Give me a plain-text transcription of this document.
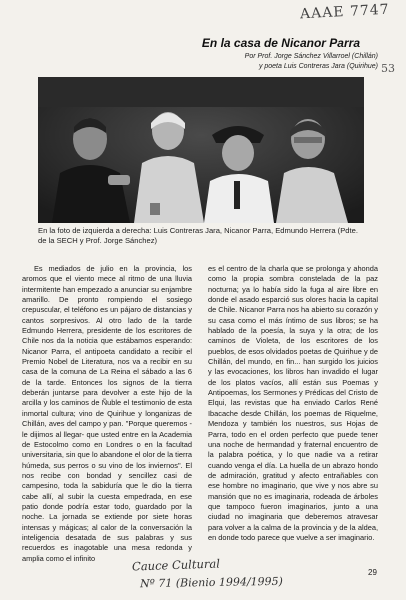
AAAE 7747
53
En la casa de Nicanor Parra
Por Prof. Jorge Sánchez Villarroel (Chillán)
y poeta Luis Contreras Jara (Quirihue)
En la foto de izquierda a derecha: Luis Contreras Jara, Nicanor Parra, Edmundo Herrera (Pdte. de la SECH y Prof. Jorge Sánchez)

Es mediados de julio en la provincia, los aromos que el viento mece al ritmo de una lluvia intermitente han empezado a anunciar su enjambre amarillo. De pronto rompiendo el sosiego crepuscular, el teléfono es un pájaro de distancias y cantos sorpresivos. Al otro lado de la tarde Edmundo Herrera, presidente de los escritores de Chile nos da la noticia que estábamos esperando: Nicanor Parra, el antipoeta candidato a recibir el Premio Nobel de Literatura, nos va a recibir en su casa de la comuna de La Reina el sábado a las 6 de la tarde. Entonces los signos de la tierra deberán juntarse para devolver a este hijo de la arcilla y los caminos de Ñuble el testimonio de esta inmortal cultura; vino de Quirihue y longanizas de Chillán, aves del campo y pan. "Porque queremos -le dijimos al llegar- que usted entre en la Academia de Estocolmo como en Londres o en la facultad universitaria, sin que lo abandone el olor de la tierra húmeda, sus perros o su vino de los inviernos". El nos recibe con bondad y sencillez casi de campesino, toda la sabiduría que le dio la tierra cabe allí, al subir la cuesta empedrada, en ese patio donde podría estar todo, guardado por la noche. La jornada se extiende por siete horas intensas y mágicas; al calor de la conversación la inteligencia desatada de sus palabras y sus recuerdos es inagotable una mesa redonda y amplia como el infinito

es el centro de la charla que se prolonga y ahonda como la propia sombra constelada de la paz nocturna; ya lo había sido la fuga al aire libre en donde el asado esparció sus olores hacia la capital de Chile. Nicanor Parra nos ha abierto su corazón y su casa como el más íntimo de sus libros; se ha hablado de la poesía, la suya y la otra; de los caminos de Violeta, de los escritores de los pueblos, de esos olvidados poetas de Quirihue y de Chillán, del mundo, en fin... han surgido los juicios y las evocaciones, los libros han invadido el lugar de los platos vacíos, allí están sus Poemas y Antipoemas, los Sermones y Prédicas del Cristo de Elqui, las revistas que ha enviado Carlos René Ibacache desde Chillán, los poemas de Riquelme, Mendoza y también los nuestros, sus Hojas de Parra, todo en el orden perfecto que puede tener una noche de hermandad y fraternal encuentro de la palabra poética, y lo que nadie va a retirar cuando venga el día. La huella de un abrazo hondo de admiración, gratitud y afecto entrañables con ese hombre no imaginario, que vive y nos abre su mansión que no es imaginaria, rodeada de árboles que tampoco fueron imaginarios, junto a una ciudad no imaginaria que deberemos atravesar para volver a la calma de la provincia y de la aldea, en donde todo parece que vuelve a ser imaginario.

Cauce Cultural
Nº 71 (Bienio 1994/1995)
29
